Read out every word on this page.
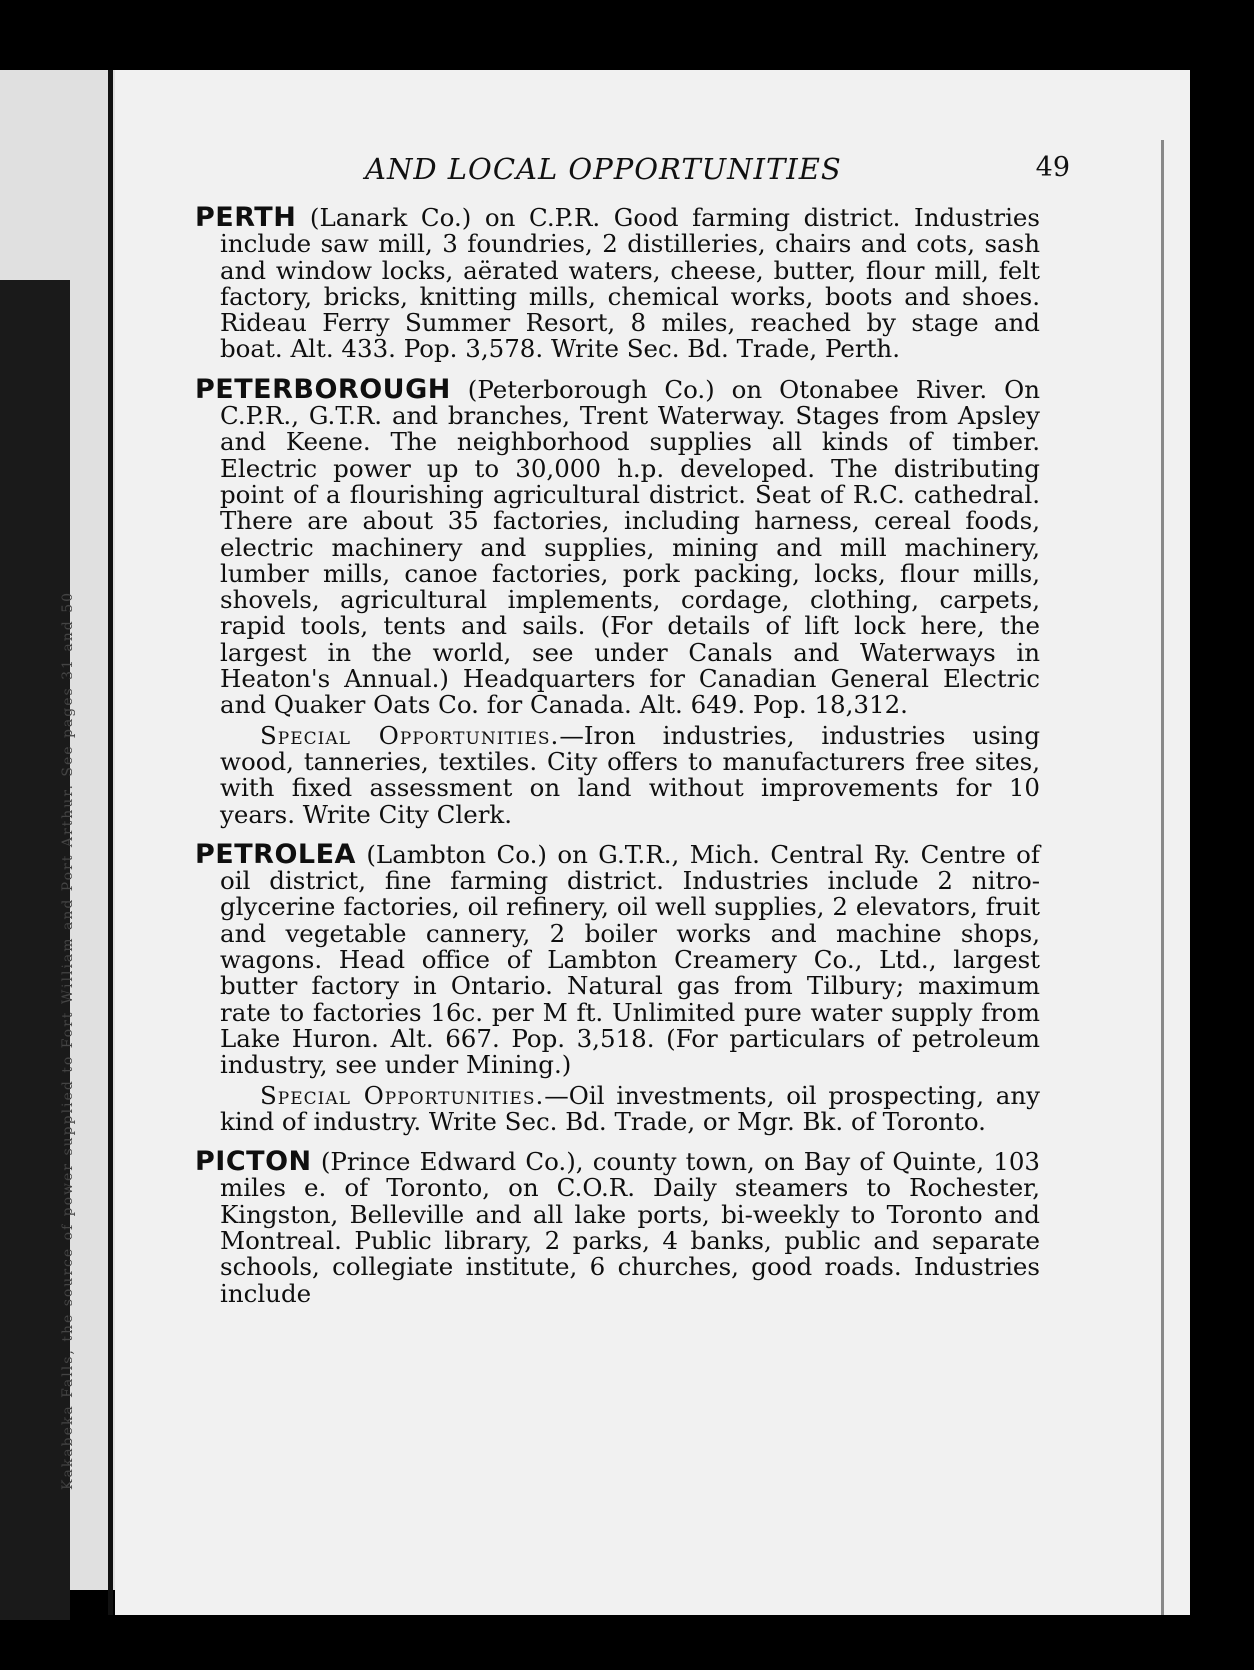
Kakabeka Falls, the source of power supplied to Fort William and Port Arthur. See pages 31 and 50
AND LOCAL OPPORTUNITIES	49

PERTH (Lanark Co.) on C.P.R. Good farming district. Industries include saw mill, 3 foundries, 2 distilleries, chairs and cots, sash and window locks, aërated waters, cheese, butter, flour mill, felt factory, bricks, knitting mills, chemical works, boots and shoes. Rideau Ferry Summer Resort, 8 miles, reached by stage and boat. Alt. 433. Pop. 3,578. Write Sec. Bd. Trade, Perth.

PETERBOROUGH (Peterborough Co.) on Otonabee River. On C.P.R., G.T.R. and branches, Trent Waterway. Stages from Apsley and Keene. The neighborhood supplies all kinds of timber. Electric power up to 30,000 h.p. developed. The distributing point of a flourishing agricultural district. Seat of R.C. cathedral. There are about 35 factories, including harness, cereal foods, electric machinery and supplies, mining and mill machinery, lumber mills, canoe factories, pork packing, locks, flour mills, shovels, agricultural implements, cordage, clothing, carpets, rapid tools, tents and sails. (For details of lift lock here, the largest in the world, see under Canals and Waterways in Heaton's Annual.) Headquarters for Canadian General Electric and Quaker Oats Co. for Canada. Alt. 649. Pop. 18,312.

Special Opportunities.—Iron industries, industries using wood, tanneries, textiles. City offers to manufacturers free sites, with fixed assessment on land without improvements for 10 years. Write City Clerk.

PETROLEA (Lambton Co.) on G.T.R., Mich. Central Ry. Centre of oil district, fine farming district. Industries include 2 nitro-glycerine factories, oil refinery, oil well supplies, 2 elevators, fruit and vegetable cannery, 2 boiler works and machine shops, wagons. Head office of Lambton Creamery Co., Ltd., largest butter factory in Ontario. Natural gas from Tilbury; maximum rate to factories 16c. per M ft. Unlimited pure water supply from Lake Huron. Alt. 667. Pop. 3,518. (For particulars of petroleum industry, see under Mining.)

Special Opportunities.—Oil investments, oil prospecting, any kind of industry. Write Sec. Bd. Trade, or Mgr. Bk. of Toronto.

PICTON (Prince Edward Co.), county town, on Bay of Quinte, 103 miles e. of Toronto, on C.O.R. Daily steamers to Rochester, Kingston, Belleville and all lake ports, bi-weekly to Toronto and Montreal. Public library, 2 parks, 4 banks, public and separate schools, collegiate institute, 6 churches, good roads. Industries include
